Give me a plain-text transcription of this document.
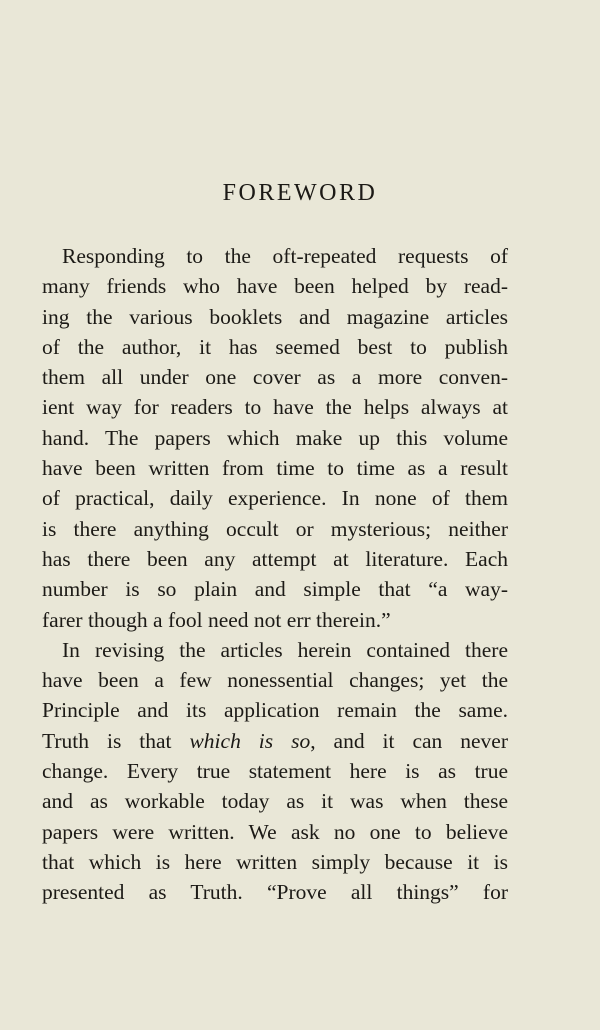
FOREWORD
Responding to the oft-repeated requests of
many friends who have been helped by read-
ing the various booklets and magazine articles
of the author, it has seemed best to publish
them all under one cover as a more conven-
ient way for readers to have the helps always at
hand. The papers which make up this volume
have been written from time to time as a result
of practical, daily experience. In none of them
is there anything occult or mysterious; neither
has there been any attempt at literature. Each
number is so plain and simple that “a way-
farer though a fool need not err therein.”
In revising the articles herein contained there
have been a few nonessential changes; yet the
Principle and its application remain the same.
Truth is that which is so, and it can never
change. Every true statement here is as true
and as workable today as it was when these
papers were written. We ask no one to believe
that which is here written simply because it is
presented as Truth. “Prove all things” for
